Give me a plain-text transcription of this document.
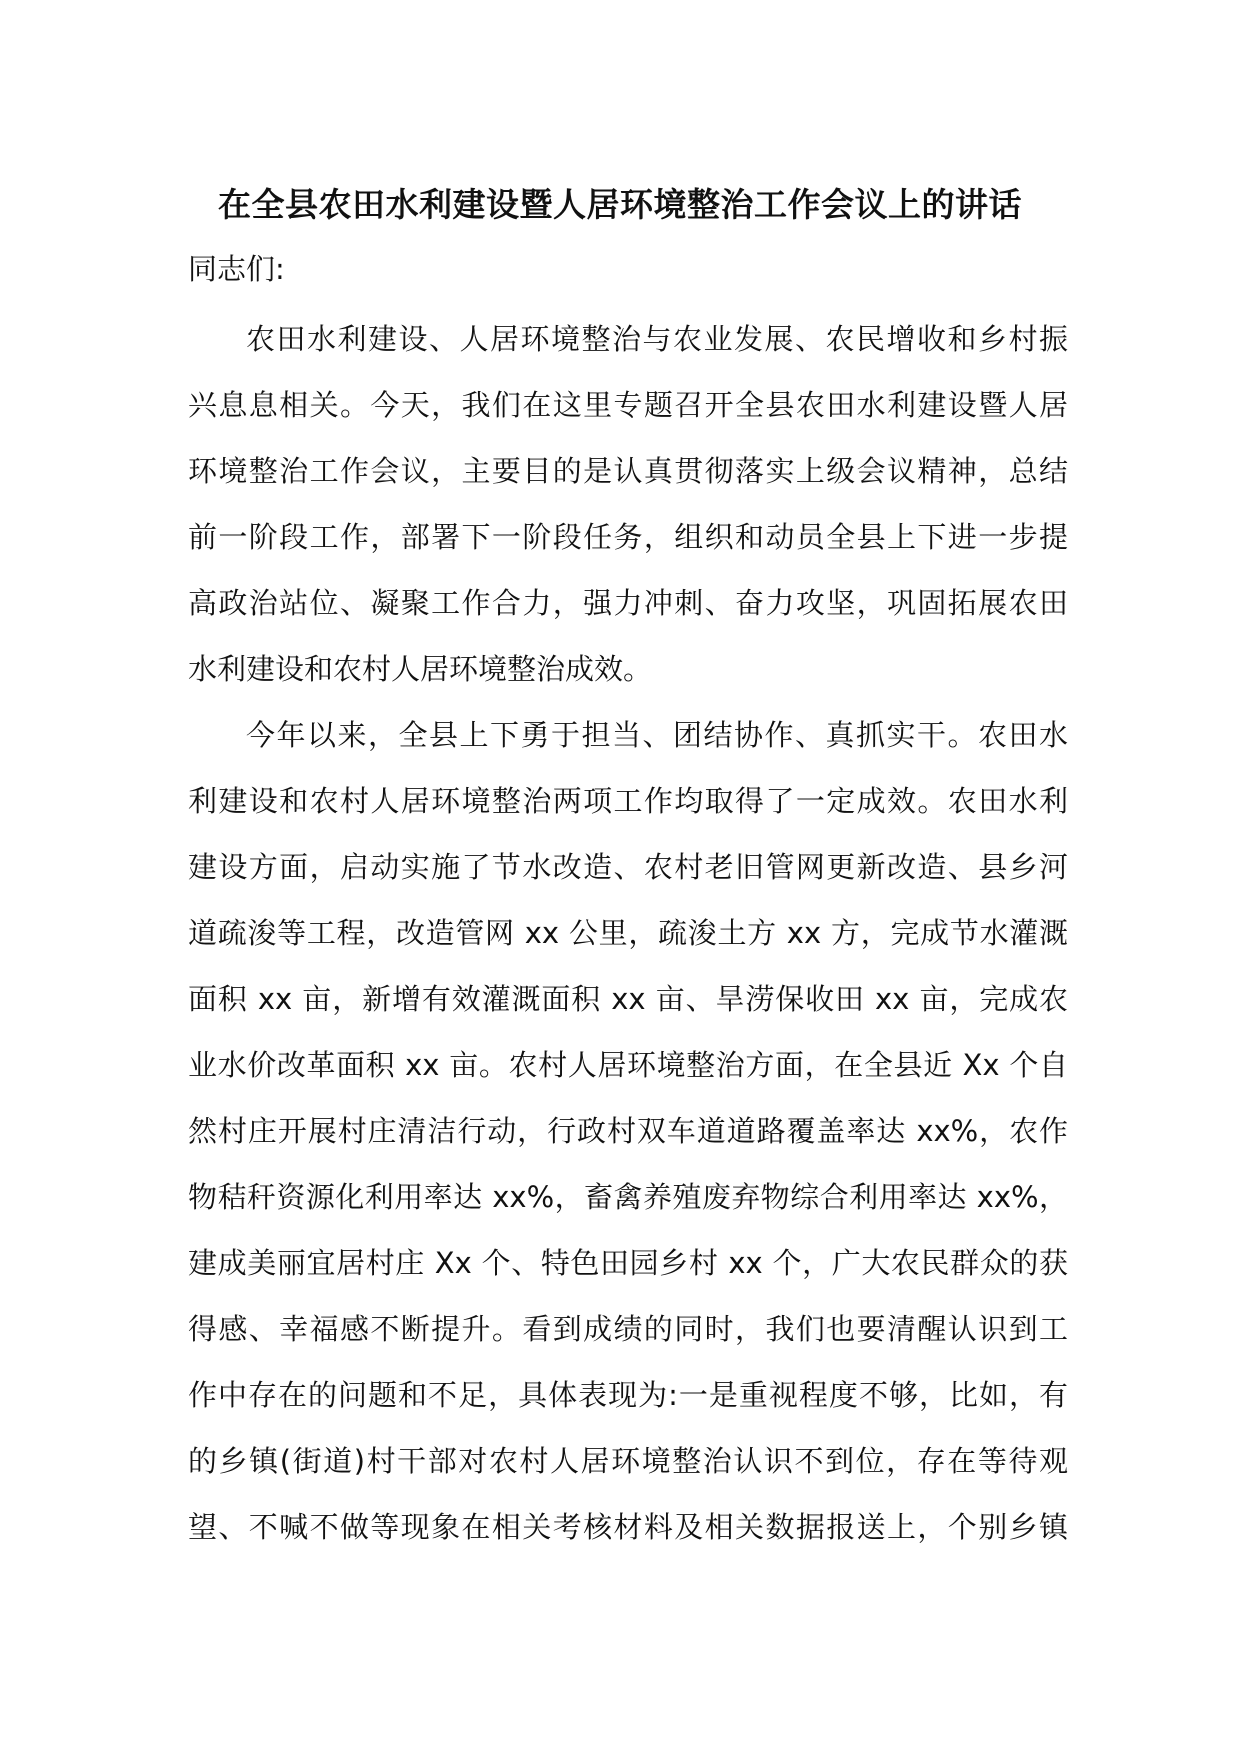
在全县农田水利建设暨人居环境整治工作会议上的讲话

同志们:

农田水利建设、人居环境整治与农业发展、农民增收和乡村振
兴息息相关。今天，我们在这里专题召开全县农田水利建设暨人居
环境整治工作会议，主要目的是认真贯彻落实上级会议精神，总结
前一阶段工作，部署下一阶段任务，组织和动员全县上下进一步提
高政治站位、凝聚工作合力，强力冲刺、奋力攻坚，巩固拓展农田
水利建设和农村人居环境整治成效。
今年以来，全县上下勇于担当、团结协作、真抓实干。农田水
利建设和农村人居环境整治两项工作均取得了一定成效。农田水利
建设方面，启动实施了节水改造、农村老旧管网更新改造、县乡河
道疏浚等工程，改造管网 xx 公里，疏浚土方 xx 方，完成节水灌溉
面积 xx 亩，新增有效灌溉面积 xx 亩、旱涝保收田 xx 亩，完成农
业水价改革面积 xx 亩。农村人居环境整治方面，在全县近 Xx 个自
然村庄开展村庄清洁行动，行政村双车道道路覆盖率达 xx%，农作
物秸秆资源化利用率达 xx%，畜禽养殖废弃物综合利用率达 xx%，
建成美丽宜居村庄 Xx 个、特色田园乡村 xx 个，广大农民群众的获
得感、幸福感不断提升。看到成绩的同时，我们也要清醒认识到工
作中存在的问题和不足，具体表现为:一是重视程度不够，比如，有
的乡镇(街道)村干部对农村人居环境整治认识不到位，存在等待观
望、不喊不做等现象在相关考核材料及相关数据报送上，个别乡镇
